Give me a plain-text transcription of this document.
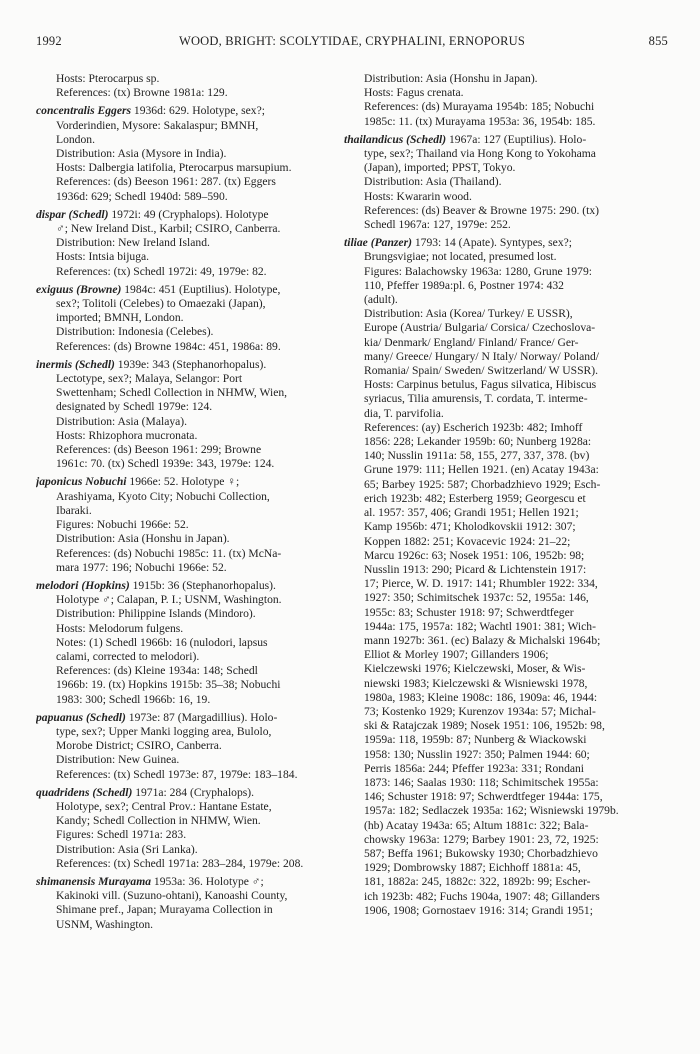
1992	WOOD, BRIGHT: SCOLYTIDAE, CRYPHALINI, ERNOPORUS	855
Hosts: Pterocarpus sp.
References: (tx) Browne 1981a: 129.
concentralis Eggers 1936d: 629. Holotype, sex?;
Vorderindien, Mysore: Sakalaspur; BMNH,
London.
Distribution: Asia (Mysore in India).
Hosts: Dalbergia latifolia, Pterocarpus marsupium.
References: (ds) Beeson 1961: 287. (tx) Eggers
1936d: 629; Schedl 1940d: 589–590.
dispar (Schedl) 1972i: 49 (Cryphalops). Holotype
♂; New Ireland Dist., Karbil; CSIRO, Canberra.
Distribution: New Ireland Island.
Hosts: Intsia bijuga.
References: (tx) Schedl 1972i: 49, 1979e: 82.
exiguus (Browne) 1984c: 451 (Euptilius). Holotype,
sex?; Tolitoli (Celebes) to Omaezaki (Japan),
imported; BMNH, London.
Distribution: Indonesia (Celebes).
References: (ds) Browne 1984c: 451, 1986a: 89.
inermis (Schedl) 1939e: 343 (Stephanorhopalus).
Lectotype, sex?; Malaya, Selangor: Port
Swettenham; Schedl Collection in NHMW, Wien,
designated by Schedl 1979e: 124.
Distribution: Asia (Malaya).
Hosts: Rhizophora mucronata.
References: (ds) Beeson 1961: 299; Browne
1961c: 70. (tx) Schedl 1939e: 343, 1979e: 124.
japonicus Nobuchi 1966e: 52. Holotype ♀;
Arashiyama, Kyoto City; Nobuchi Collection,
Ibaraki.
Figures: Nobuchi 1966e: 52.
Distribution: Asia (Honshu in Japan).
References: (ds) Nobuchi 1985c: 11. (tx) McNa-
mara 1977: 196; Nobuchi 1966e: 52.
melodori (Hopkins) 1915b: 36 (Stephanorhopalus).
Holotype ♂; Calapan, P. I.; USNM, Washington.
Distribution: Philippine Islands (Mindoro).
Hosts: Melodorum fulgens.
Notes: (1) Schedl 1966b: 16 (nulodori, lapsus
calami, corrected to melodori).
References: (ds) Kleine 1934a: 148; Schedl
1966b: 19. (tx) Hopkins 1915b: 35–38; Nobuchi
1983: 300; Schedl 1966b: 16, 19.
papuanus (Schedl) 1973e: 87 (Margadillius). Holo-
type, sex?; Upper Manki logging area, Bulolo,
Morobe District; CSIRO, Canberra.
Distribution: New Guinea.
References: (tx) Schedl 1973e: 87, 1979e: 183–184.
quadridens (Schedl) 1971a: 284 (Cryphalops).
Holotype, sex?; Central Prov.: Hantane Estate,
Kandy; Schedl Collection in NHMW, Wien.
Figures: Schedl 1971a: 283.
Distribution: Asia (Sri Lanka).
References: (tx) Schedl 1971a: 283–284, 1979e: 208.
shimanensis Murayama 1953a: 36. Holotype ♂;
Kakinoki vill. (Suzuno-ohtani), Kanoashi County,
Shimane pref., Japan; Murayama Collection in
USNM, Washington.
Distribution: Asia (Honshu in Japan).
Hosts: Fagus crenata.
References: (ds) Murayama 1954b: 185; Nobuchi
1985c: 11. (tx) Murayama 1953a: 36, 1954b: 185.
thailandicus (Schedl) 1967a: 127 (Euptilius). Holo-
type, sex?; Thailand via Hong Kong to Yokohama
(Japan), imported; PPST, Tokyo.
Distribution: Asia (Thailand).
Hosts: Kwararin wood.
References: (ds) Beaver & Browne 1975: 290. (tx)
Schedl 1967a: 127, 1979e: 252.
tiliae (Panzer) 1793: 14 (Apate). Syntypes, sex?;
Brungsvigiae; not located, presumed lost.
Figures: Balachowsky 1963a: 1280, Grune 1979:
110, Pfeffer 1989a:pl. 6, Postner 1974: 432
(adult).
Distribution: Asia (Korea/ Turkey/ E USSR),
Europe (Austria/ Bulgaria/ Corsica/ Czechoslova-
kia/ Denmark/ England/ Finland/ France/ Ger-
many/ Greece/ Hungary/ N Italy/ Norway/ Poland/
Romania/ Spain/ Sweden/ Switzerland/ W USSR).
Hosts: Carpinus betulus, Fagus silvatica, Hibiscus
syriacus, Tilia amurensis, T. cordata, T. interme-
dia, T. parvifolia.
References: (ay) Escherich 1923b: 482; Imhoff
1856: 228; Lekander 1959b: 60; Nunberg 1928a:
140; Nusslin 1911a: 58, 155, 277, 337, 378. (bv)
Grune 1979: 111; Hellen 1921. (en) Acatay 1943a:
65; Barbey 1925: 587; Chorbadzhievo 1929; Esch-
erich 1923b: 482; Esterberg 1959; Georgescu et
al. 1957: 357, 406; Grandi 1951; Hellen 1921;
Kamp 1956b: 471; Kholodkovskii 1912: 307;
Koppen 1882: 251; Kovacevic 1924: 21–22;
Marcu 1926c: 63; Nosek 1951: 106, 1952b: 98;
Nusslin 1913: 290; Picard & Lichtenstein 1917:
17; Pierce, W. D. 1917: 141; Rhumbler 1922: 334,
1927: 350; Schimitschek 1937c: 52, 1955a: 146,
1955c: 83; Schuster 1918: 97; Schwerdtfeger
1944a: 175, 1957a: 182; Wachtl 1901: 381; Wich-
mann 1927b: 361. (ec) Balazy & Michalski 1964b;
Elliot & Morley 1907; Gillanders 1906;
Kielczewski 1976; Kielczewski, Moser, & Wis-
niewski 1983; Kielczewski & Wisniewski 1978,
1980a, 1983; Kleine 1908c: 186, 1909a: 46, 1944:
73; Kostenko 1929; Kurenzov 1934a: 57; Michal-
ski & Ratajczak 1989; Nosek 1951: 106, 1952b: 98,
1959a: 118, 1959b: 87; Nunberg & Wiackowski
1958: 130; Nusslin 1927: 350; Palmen 1944: 60;
Perris 1856a: 244; Pfeffer 1923a: 331; Rondani
1873: 146; Saalas 1930: 118; Schimitschek 1955a:
146; Schuster 1918: 97; Schwerdtfeger 1944a: 175,
1957a: 182; Sedlaczek 1935a: 162; Wisniewski 1979b.
(hb) Acatay 1943a: 65; Altum 1881c: 322; Bala-
chowsky 1963a: 1279; Barbey 1901: 23, 72, 1925:
587; Beffa 1961; Bukowsky 1930; Chorbadzhievo
1929; Dombrowsky 1887; Eichhoff 1881a: 45,
181, 1882a: 245, 1882c: 322, 1892b: 99; Escher-
ich 1923b: 482; Fuchs 1904a, 1907: 48; Gillanders
1906, 1908; Gornostaev 1916: 314; Grandi 1951;
